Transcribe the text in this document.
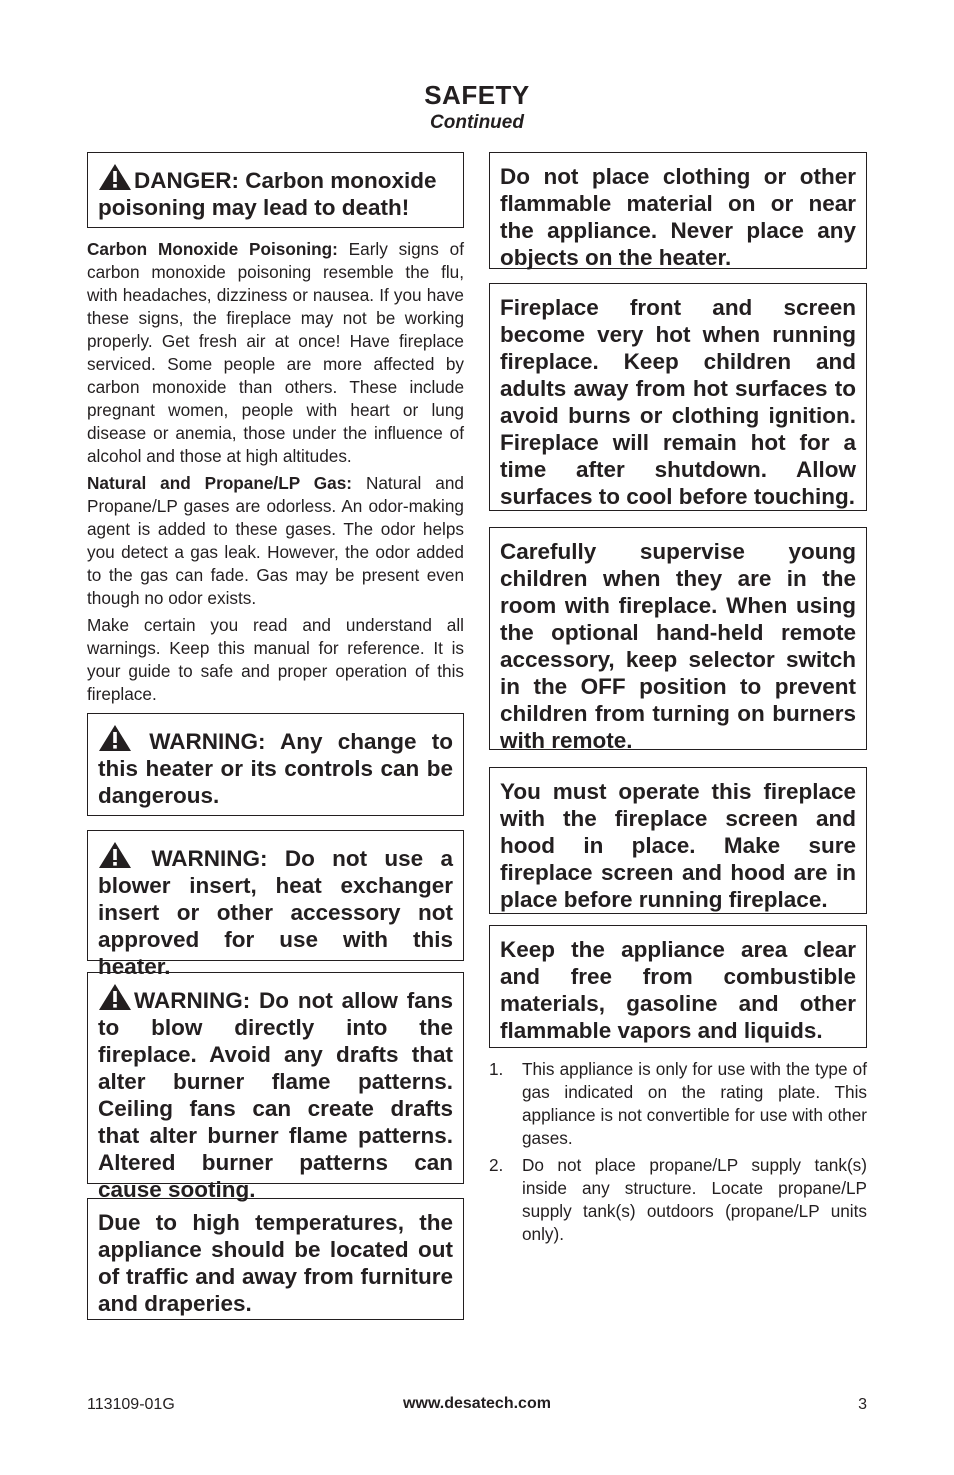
SAFETY
Continued
DANGER: Carbon monoxide poisoning may lead to death!

Carbon Monoxide Poisoning: Early signs of carbon monoxide poisoning resemble the flu, with headaches, dizziness or nausea. If you have these signs, the fireplace may not be working properly. Get fresh air at once! Have fireplace serviced. Some people are more affected by carbon monoxide than others. These include pregnant women, people with heart or lung disease or anemia, those under the influence of alcohol and those at high altitudes.

Natural and Propane/LP Gas: Natural and Propane/LP gases are odorless. An odor-making agent is added to these gases. The odor helps you detect a gas leak. However, the odor added to the gas can fade. Gas may be present even though no odor exists.

Make certain you read and understand all warnings. Keep this manual for reference. It is your guide to safe and proper operation of this fireplace.

WARNING: Any change to this heater or its controls can be dangerous.
WARNING: Do not use a blower insert, heat exchanger insert or other accessory not approved for use with this heater.
WARNING: Do not allow fans to blow directly into the fireplace. Avoid any drafts that alter burner flame patterns. Ceiling fans can create drafts that alter burner flame patterns. Altered burner patterns can cause sooting.
Due to high temperatures, the appliance should be located out of traffic and away from furniture and draperies.
Do not place clothing or other flammable material on or near the appliance. Never place any objects on the heater.
Fireplace front and screen become very hot when running fireplace. Keep children and adults away from hot surfaces to avoid burns or clothing ignition. Fireplace will remain hot for a time after shutdown. Allow surfaces to cool before touching.
Carefully supervise young children when they are in the room with fireplace. When using the optional hand-held remote accessory, keep selector switch in the OFF position to prevent children from turning on burners with remote.
You must operate this fireplace with the fireplace screen and hood in place. Make sure fireplace screen and hood are in place before running fireplace.
Keep the appliance area clear and free from combustible materials, gasoline and other flammable vapors and liquids.
1. This appliance is only for use with the type of gas indicated on the rating plate. This appliance is not convertible for use with other gases.
2. Do not place propane/LP supply tank(s) inside any structure. Locate propane/LP supply tank(s) outdoors (propane/LP units only).
113109-01G	www.desatech.com	3
